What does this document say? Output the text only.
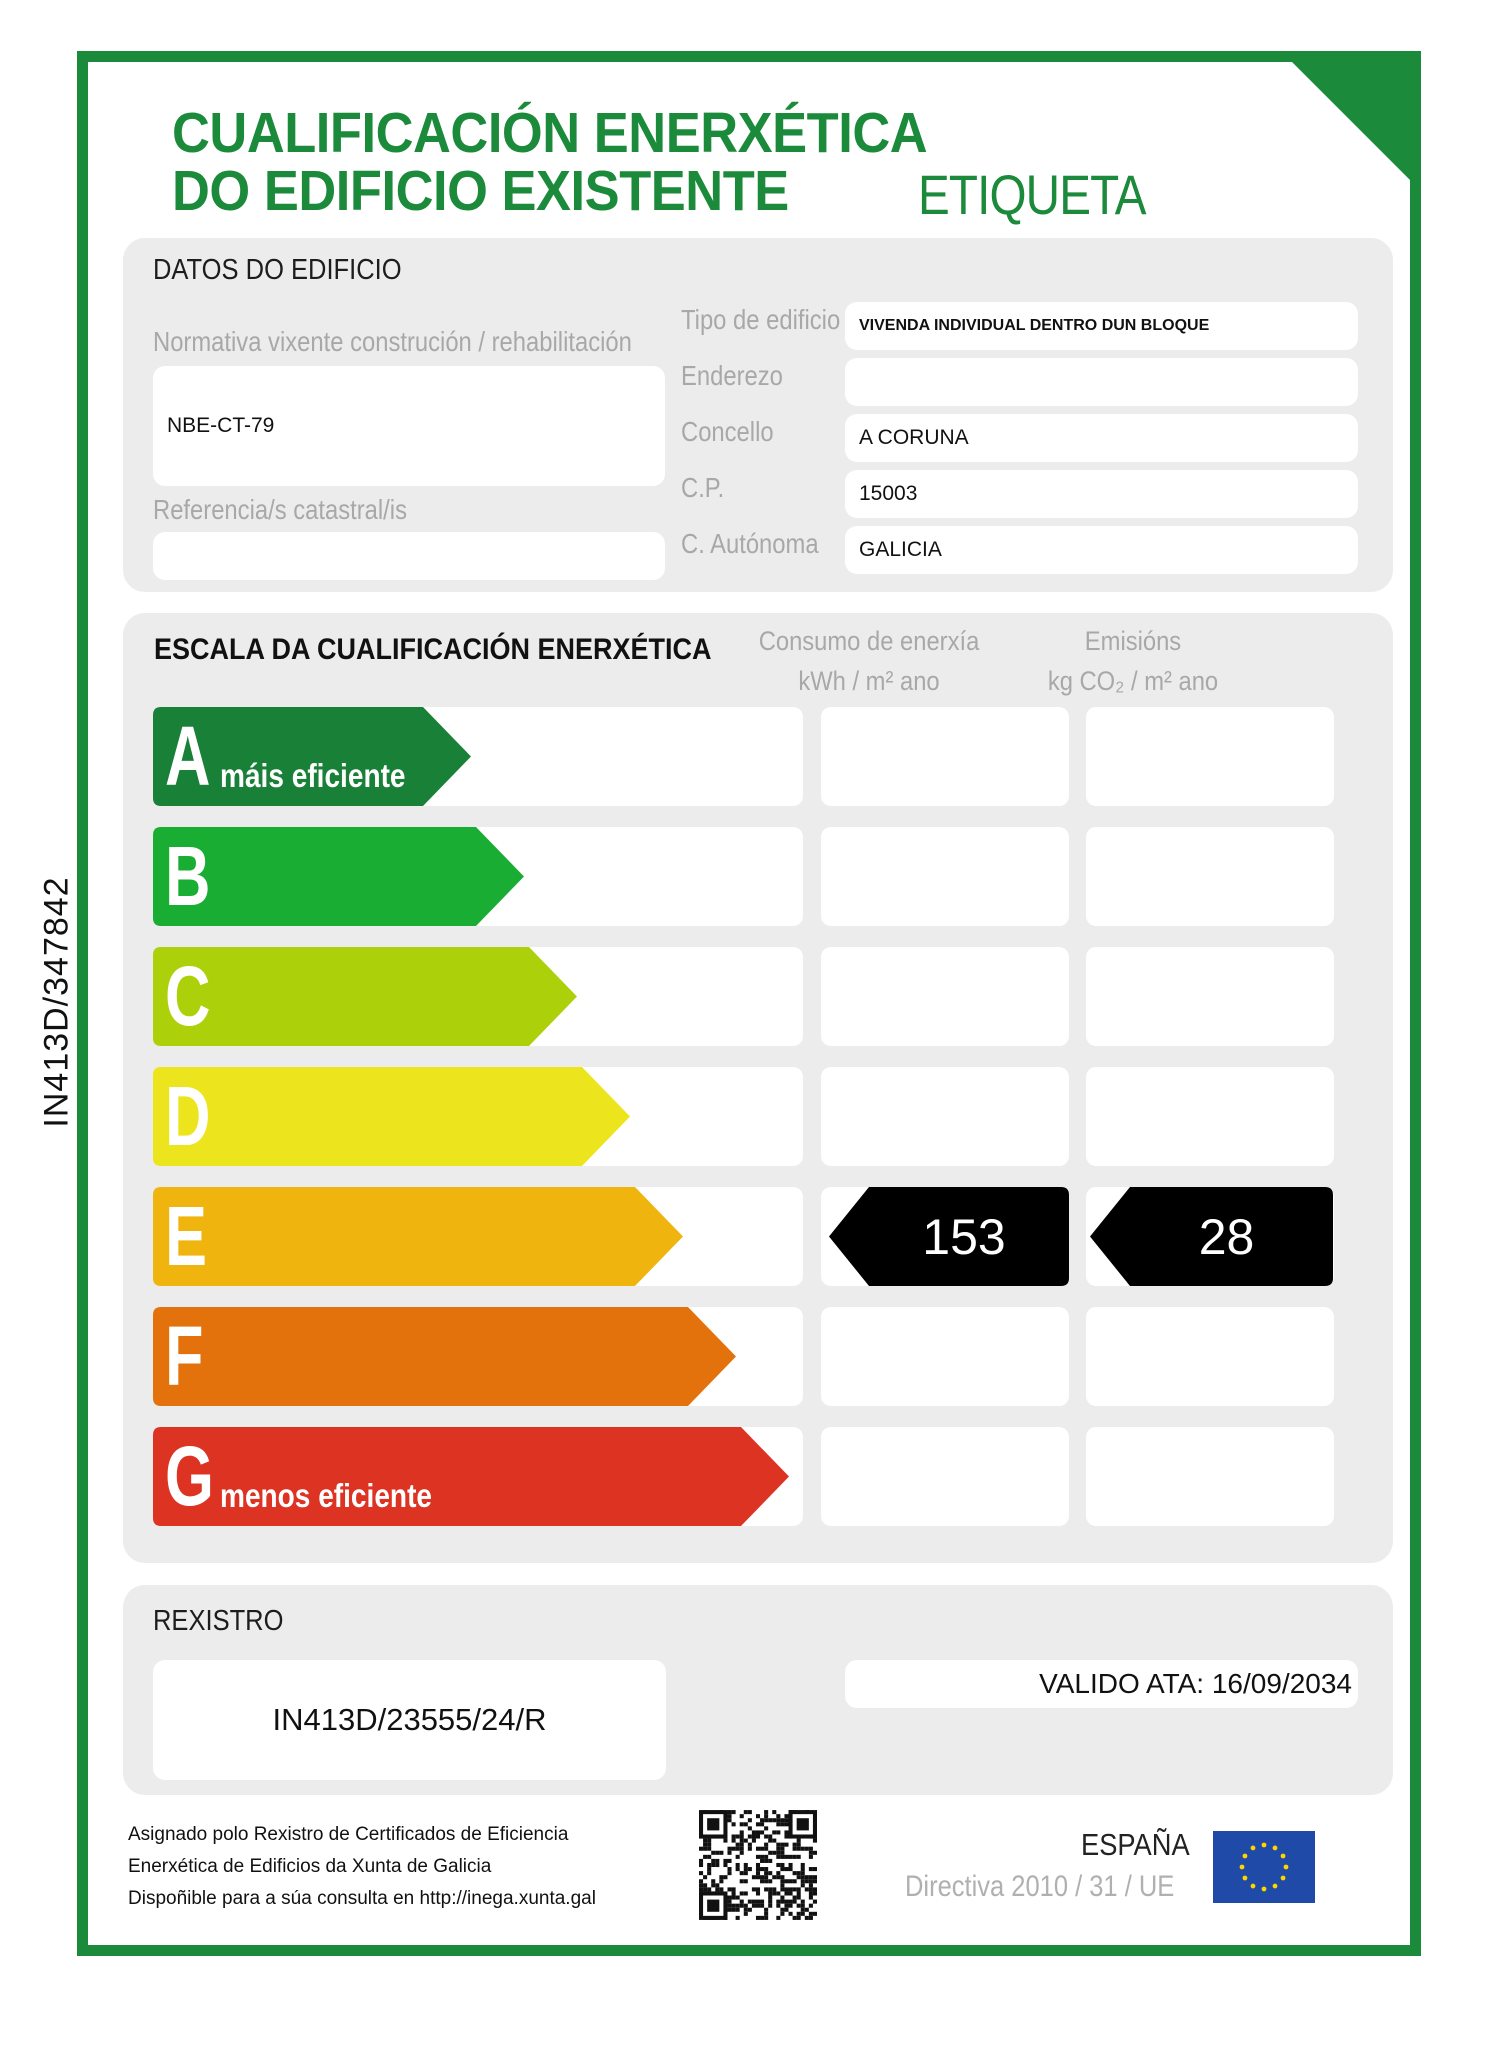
IN413D/347842
CUALIFICACIÓN ENERXÉTICA
DO EDIFICIO EXISTENTE	ETIQUETA
DATOS DO EDIFICIO
Normativa vixente construción / rehabilitación
NBE-CT-79
Referencia/s catastral/is
Tipo de edificio	VIVENDA INDIVIDUAL DENTRO DUN BLOQUE
Enderezo
Concello	A CORUNA
C.P.	15003
C. Autónoma	GALICIA
ESCALA DA CUALIFICACIÓN ENERXÉTICA Consumo de enerxía
kWh / m² ano
Emisións
kg CO₂ / m² ano
A máis eficiente
B
C
D
E	153	28
F
G menos eficiente
REXISTRO
IN413D/23555/24/R
VALIDO ATA: 16/09/2034
Asignado polo Rexistro de Certificados de Eficiencia
Enerxética de Edificios da Xunta de Galicia
Dispoñible para a súa consulta en http://inega.xunta.gal
ESPAÑA
Directiva 2010 / 31 / UE
